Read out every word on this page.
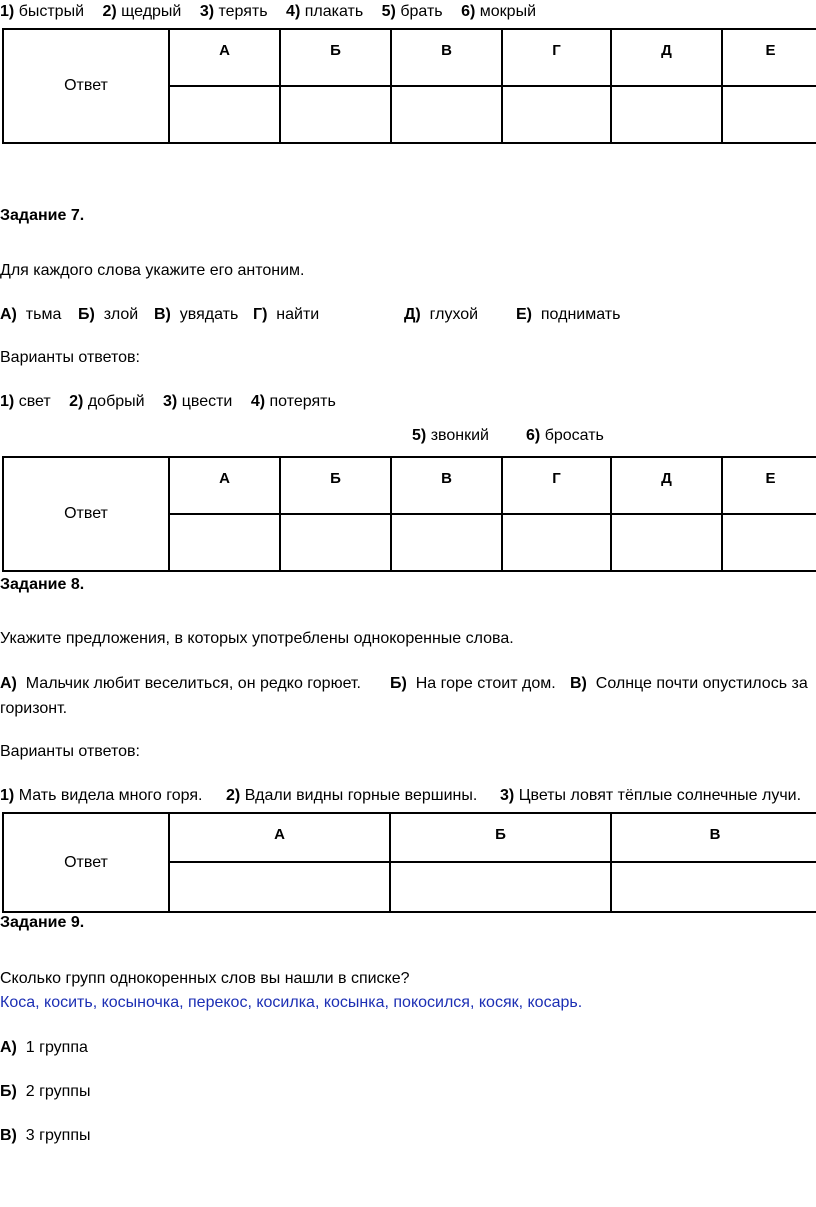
1) быстрый 2) щедрый 3) терять 4) плакать 5) брать 6) мокрый
Ответ	А	Б	В	Г	Д	Е

Задание 7.
Для каждого слова укажите его антоним.
А) тьма Б) злой В) увядать Г) найти	Д) глухой Е) поднимать
Варианты ответов:
1) свет 2) добрый 3) цвести 4) потерять
5) звонкий 6) бросать
Ответ	А	Б	В	Г	Д	Е

Задание 8.
Укажите предложения, в которых употреблены однокоренные слова.
А) Мальчик любит веселиться, он редко горюет. Б) На горе стоит дом. В) Солнце почти опустилось за
горизонт.
Варианты ответов:
1) Мать видела много горя. 2) Вдали видны горные вершины. 3) Цветы ловят тёплые солнечные лучи.
Ответ	А	Б	В

Задание 9.
Сколько групп однокоренных слов вы нашли в списке?
Коса, косить, косыночка, перекос, косилка, косынка, покосился, косяк, косарь.
А) 1 группа
Б) 2 группы
В) 3 группы
